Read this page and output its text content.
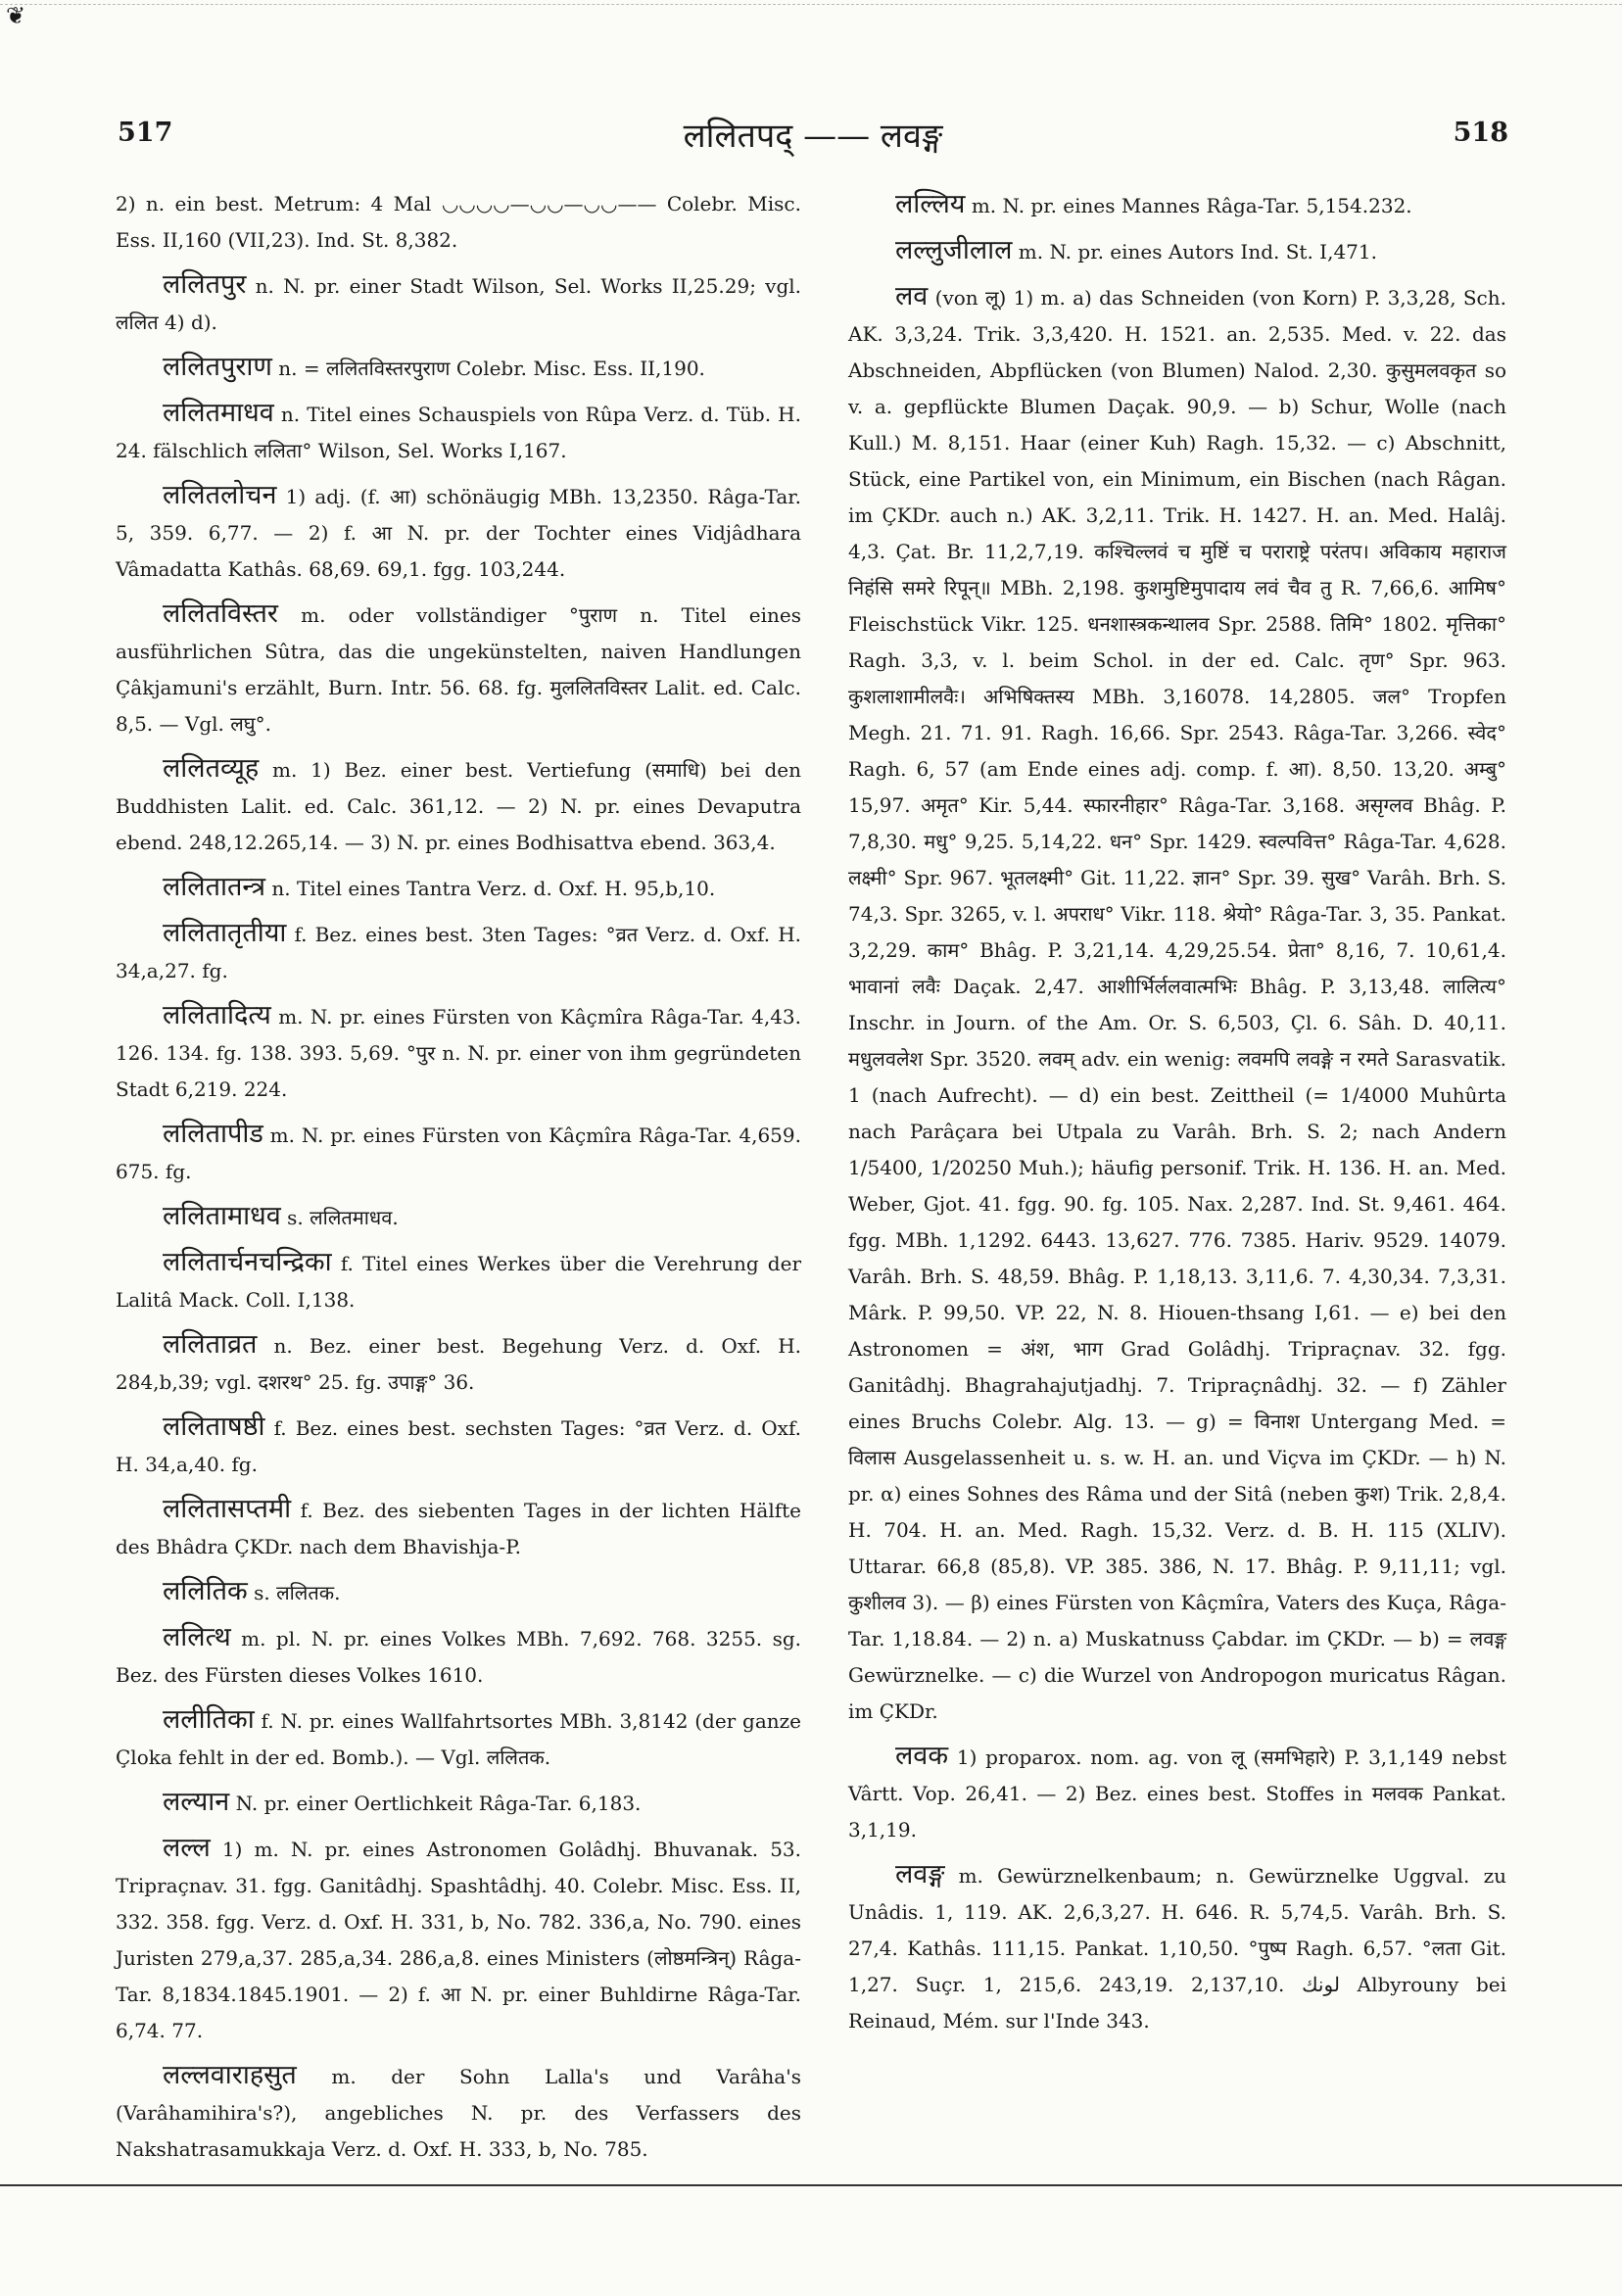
❦
517	ललितपद् —— लवङ्ग	518

2) n. ein best. Metrum: 4 Mal ◡◡◡◡—◡◡—◡◡—— Colebr. Misc. Ess. II,160 (VII,23). Ind. St. 8,382.

ललितपुर n. N. pr. einer Stadt Wilson, Sel. Works II,25.29; vgl. ललित 4) d).

ललितपुराण n. = ललितविस्तरपुराण Colebr. Misc. Ess. II,190.

ललितमाधव n. Titel eines Schauspiels von Rûpa Verz. d. Tüb. H. 24. fälschlich ललिता° Wilson, Sel. Works I,167.

ललितलोचन 1) adj. (f. आ) schönäugig MBh. 13,2350. Râga-Tar. 5, 359. 6,77. — 2) f. आ N. pr. der Tochter eines Vidjâdhara Vâmadatta Kathâs. 68,69. 69,1. fgg. 103,244.

ललितविस्तर m. oder vollständiger °पुराण n. Titel eines ausführlichen Sûtra, das die ungekünstelten, naiven Handlungen Çâkjamuni's erzählt, Burn. Intr. 56. 68. fg. मुललितविस्तर Lalit. ed. Calc. 8,5. — Vgl. लघु°.

ललितव्यूह m. 1) Bez. einer best. Vertiefung (समाधि) bei den Buddhisten Lalit. ed. Calc. 361,12. — 2) N. pr. eines Devaputra ebend. 248,12.265,14. — 3) N. pr. eines Bodhisattva ebend. 363,4.

ललितातन्त्र n. Titel eines Tantra Verz. d. Oxf. H. 95,b,10.

ललितातृतीया f. Bez. eines best. 3ten Tages: °व्रत Verz. d. Oxf. H. 34,a,27. fg.

ललितादित्य m. N. pr. eines Fürsten von Kâçmîra Râga-Tar. 4,43. 126. 134. fg. 138. 393. 5,69. °पुर n. N. pr. einer von ihm gegründeten Stadt 6,219. 224.

ललितापीड m. N. pr. eines Fürsten von Kâçmîra Râga-Tar. 4,659. 675. fg.

ललितामाधव s. ललितमाधव.

ललितार्चनचन्द्रिका f. Titel eines Werkes über die Verehrung der Lalitâ Mack. Coll. I,138.

ललिताव्रत n. Bez. einer best. Begehung Verz. d. Oxf. H. 284,b,39; vgl. दशरथ° 25. fg. उपाङ्ग° 36.

ललिताषष्ठी f. Bez. eines best. sechsten Tages: °व्रत Verz. d. Oxf. H. 34,a,40. fg.

ललितासप्तमी f. Bez. des siebenten Tages in der lichten Hälfte des Bhâdra ÇKDr. nach dem Bhavishja-P.

ललितिक s. ललितक.

ललित्थ m. pl. N. pr. eines Volkes MBh. 7,692. 768. 3255. sg. Bez. des Fürsten dieses Volkes 1610.

ललीतिका f. N. pr. eines Wallfahrtsortes MBh. 3,8142 (der ganze Çloka fehlt in der ed. Bomb.). — Vgl. ललितक.

लल्यान N. pr. einer Oertlichkeit Râga-Tar. 6,183.

लल्ल 1) m. N. pr. eines Astronomen Golâdhj. Bhuvanak. 53. Tripraçnav. 31. fgg. Ganitâdhj. Spashtâdhj. 40. Colebr. Misc. Ess. II, 332. 358. fgg. Verz. d. Oxf. H. 331, b, No. 782. 336,a, No. 790. eines Juristen 279,a,37. 285,a,34. 286,a,8. eines Ministers (लोष्ठमन्त्रिन्) Râga-Tar. 8,1834.1845.1901. — 2) f. आ N. pr. einer Buhldirne Râga-Tar. 6,74. 77.

लल्लवाराहसुत m. der Sohn Lalla's und Varâha's (Varâhamihira's?), angebliches N. pr. des Verfassers des Nakshatrasamukkaja Verz. d. Oxf. H. 333, b, No. 785.

लल्लिय m. N. pr. eines Mannes Râga-Tar. 5,154.232.

लल्लुजीलाल m. N. pr. eines Autors Ind. St. I,471.

लव (von लू) 1) m. a) das Schneiden (von Korn) P. 3,3,28, Sch. AK. 3,3,24. Trik. 3,3,420. H. 1521. an. 2,535. Med. v. 22. das Abschneiden, Abpflücken (von Blumen) Nalod. 2,30. कुसुमलवकृत so v. a. gepflückte Blumen Daçak. 90,9. — b) Schur, Wolle (nach Kull.) M. 8,151. Haar (einer Kuh) Ragh. 15,32. — c) Abschnitt, Stück, eine Partikel von, ein Minimum, ein Bischen (nach Râgan. im ÇKDr. auch n.) AK. 3,2,11. Trik. H. 1427. H. an. Med. Halâj. 4,3. Çat. Br. 11,2,7,19. कश्चिल्लवं च मुष्टिं च पराराष्ट्रे परंतप। अविकाय महाराज निहंसि समरे रिपून्॥ MBh. 2,198. कुशमुष्टिमुपादाय लवं चैव तु R. 7,66,6. आमिष° Fleischstück Vikr. 125. धनशास्त्रकन्थालव Spr. 2588. तिमि° 1802. मृत्तिका° Ragh. 3,3, v. l. beim Schol. in der ed. Calc. तृण° Spr. 963. कुशलाशामीलवैः। अभिषिक्तस्य MBh. 3,16078. 14,2805. जल° Tropfen Megh. 21. 71. 91. Ragh. 16,66. Spr. 2543. Râga-Tar. 3,266. स्वेद° Ragh. 6, 57 (am Ende eines adj. comp. f. आ). 8,50. 13,20. अम्बु° 15,97. अमृत° Kir. 5,44. स्फारनीहार° Râga-Tar. 3,168. असृग्लव Bhâg. P. 7,8,30. मधु° 9,25. 5,14,22. धन° Spr. 1429. स्वल्पवित्त° Râga-Tar. 4,628. लक्ष्मी° Spr. 967. भूतलक्ष्मी° Git. 11,22. ज्ञान° Spr. 39. सुख° Varâh. Brh. S. 74,3. Spr. 3265, v. l. अपराध° Vikr. 118. श्रेयो° Râga-Tar. 3, 35. Pankat. 3,2,29. काम° Bhâg. P. 3,21,14. 4,29,25.54. प्रेता° 8,16, 7. 10,61,4. भावानां लवैः Daçak. 2,47. आशीर्भिर्ललवात्मभिः Bhâg. P. 3,13,48. लालित्य° Inschr. in Journ. of the Am. Or. S. 6,503, Çl. 6. Sâh. D. 40,11. मधुलवलेश Spr. 3520. लवम् adv. ein wenig: लवमपि लवङ्गे न रमते Sarasvatik. 1 (nach Aufrecht). — d) ein best. Zeittheil (= 1/4000 Muhûrta nach Parâçara bei Utpala zu Varâh. Brh. S. 2; nach Andern 1/5400, 1/20250 Muh.); häufig personif. Trik. H. 136. H. an. Med. Weber, Gjot. 41. fgg. 90. fg. 105. Nax. 2,287. Ind. St. 9,461. 464. fgg. MBh. 1,1292. 6443. 13,627. 776. 7385. Hariv. 9529. 14079. Varâh. Brh. S. 48,59. Bhâg. P. 1,18,13. 3,11,6. 7. 4,30,34. 7,3,31. Mârk. P. 99,50. VP. 22, N. 8. Hiouen-thsang I,61. — e) bei den Astronomen = अंश, भाग Grad Golâdhj. Tripraçnav. 32. fgg. Ganitâdhj. Bhagrahajutjadhj. 7. Tripraçnâdhj. 32. — f) Zähler eines Bruchs Colebr. Alg. 13. — g) = विनाश Untergang Med. = विलास Ausgelassenheit u. s. w. H. an. und Viçva im ÇKDr. — h) N. pr. α) eines Sohnes des Râma und der Sitâ (neben कुश) Trik. 2,8,4. H. 704. H. an. Med. Ragh. 15,32. Verz. d. B. H. 115 (XLIV). Uttarar. 66,8 (85,8). VP. 385. 386, N. 17. Bhâg. P. 9,11,11; vgl. कुशीलव 3). — β) eines Fürsten von Kâçmîra, Vaters des Kuça, Râga-Tar. 1,18.84. — 2) n. a) Muskatnuss Çabdar. im ÇKDr. — b) = लवङ्ग Gewürznelke. — c) die Wurzel von Andropogon muricatus Râgan. im ÇKDr.

लवक 1) proparox. nom. ag. von लू (समभिहारे) P. 3,1,149 nebst Vârtt. Vop. 26,41. — 2) Bez. eines best. Stoffes in मलवक Pankat. 3,1,19.

लवङ्ग m. Gewürznelkenbaum; n. Gewürznelke Uggval. zu Unâdis. 1, 119. AK. 2,6,3,27. H. 646. R. 5,74,5. Varâh. Brh. S. 27,4. Kathâs. 111,15. Pankat. 1,10,50. °पुष्प Ragh. 6,57. °लता Git. 1,27. Suçr. 1, 215,6. 243,19. 2,137,10. لونك Albyrouny bei Reinaud, Mém. sur l'Inde 343.
